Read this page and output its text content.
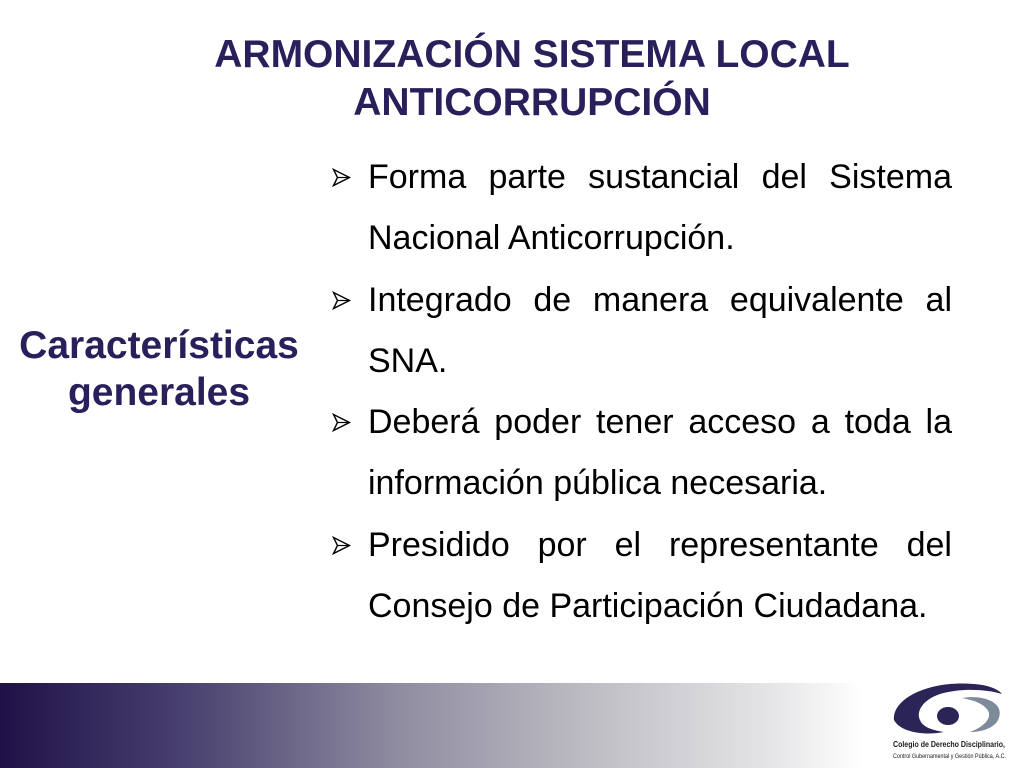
ARMONIZACIÓN SISTEMA LOCAL
ANTICORRUPCIÓN
Características
generales
Forma parte sustancial del Sistema Nacional Anticorrupción.
Integrado de manera equivalente al SNA.
Deberá poder tener acceso a toda la información pública necesaria.
Presidido por el representante del Consejo de Participación Ciudadana.
Colegio de Derecho Disciplinario,
Control Gubernamental y Gestión Pública, A.C.
